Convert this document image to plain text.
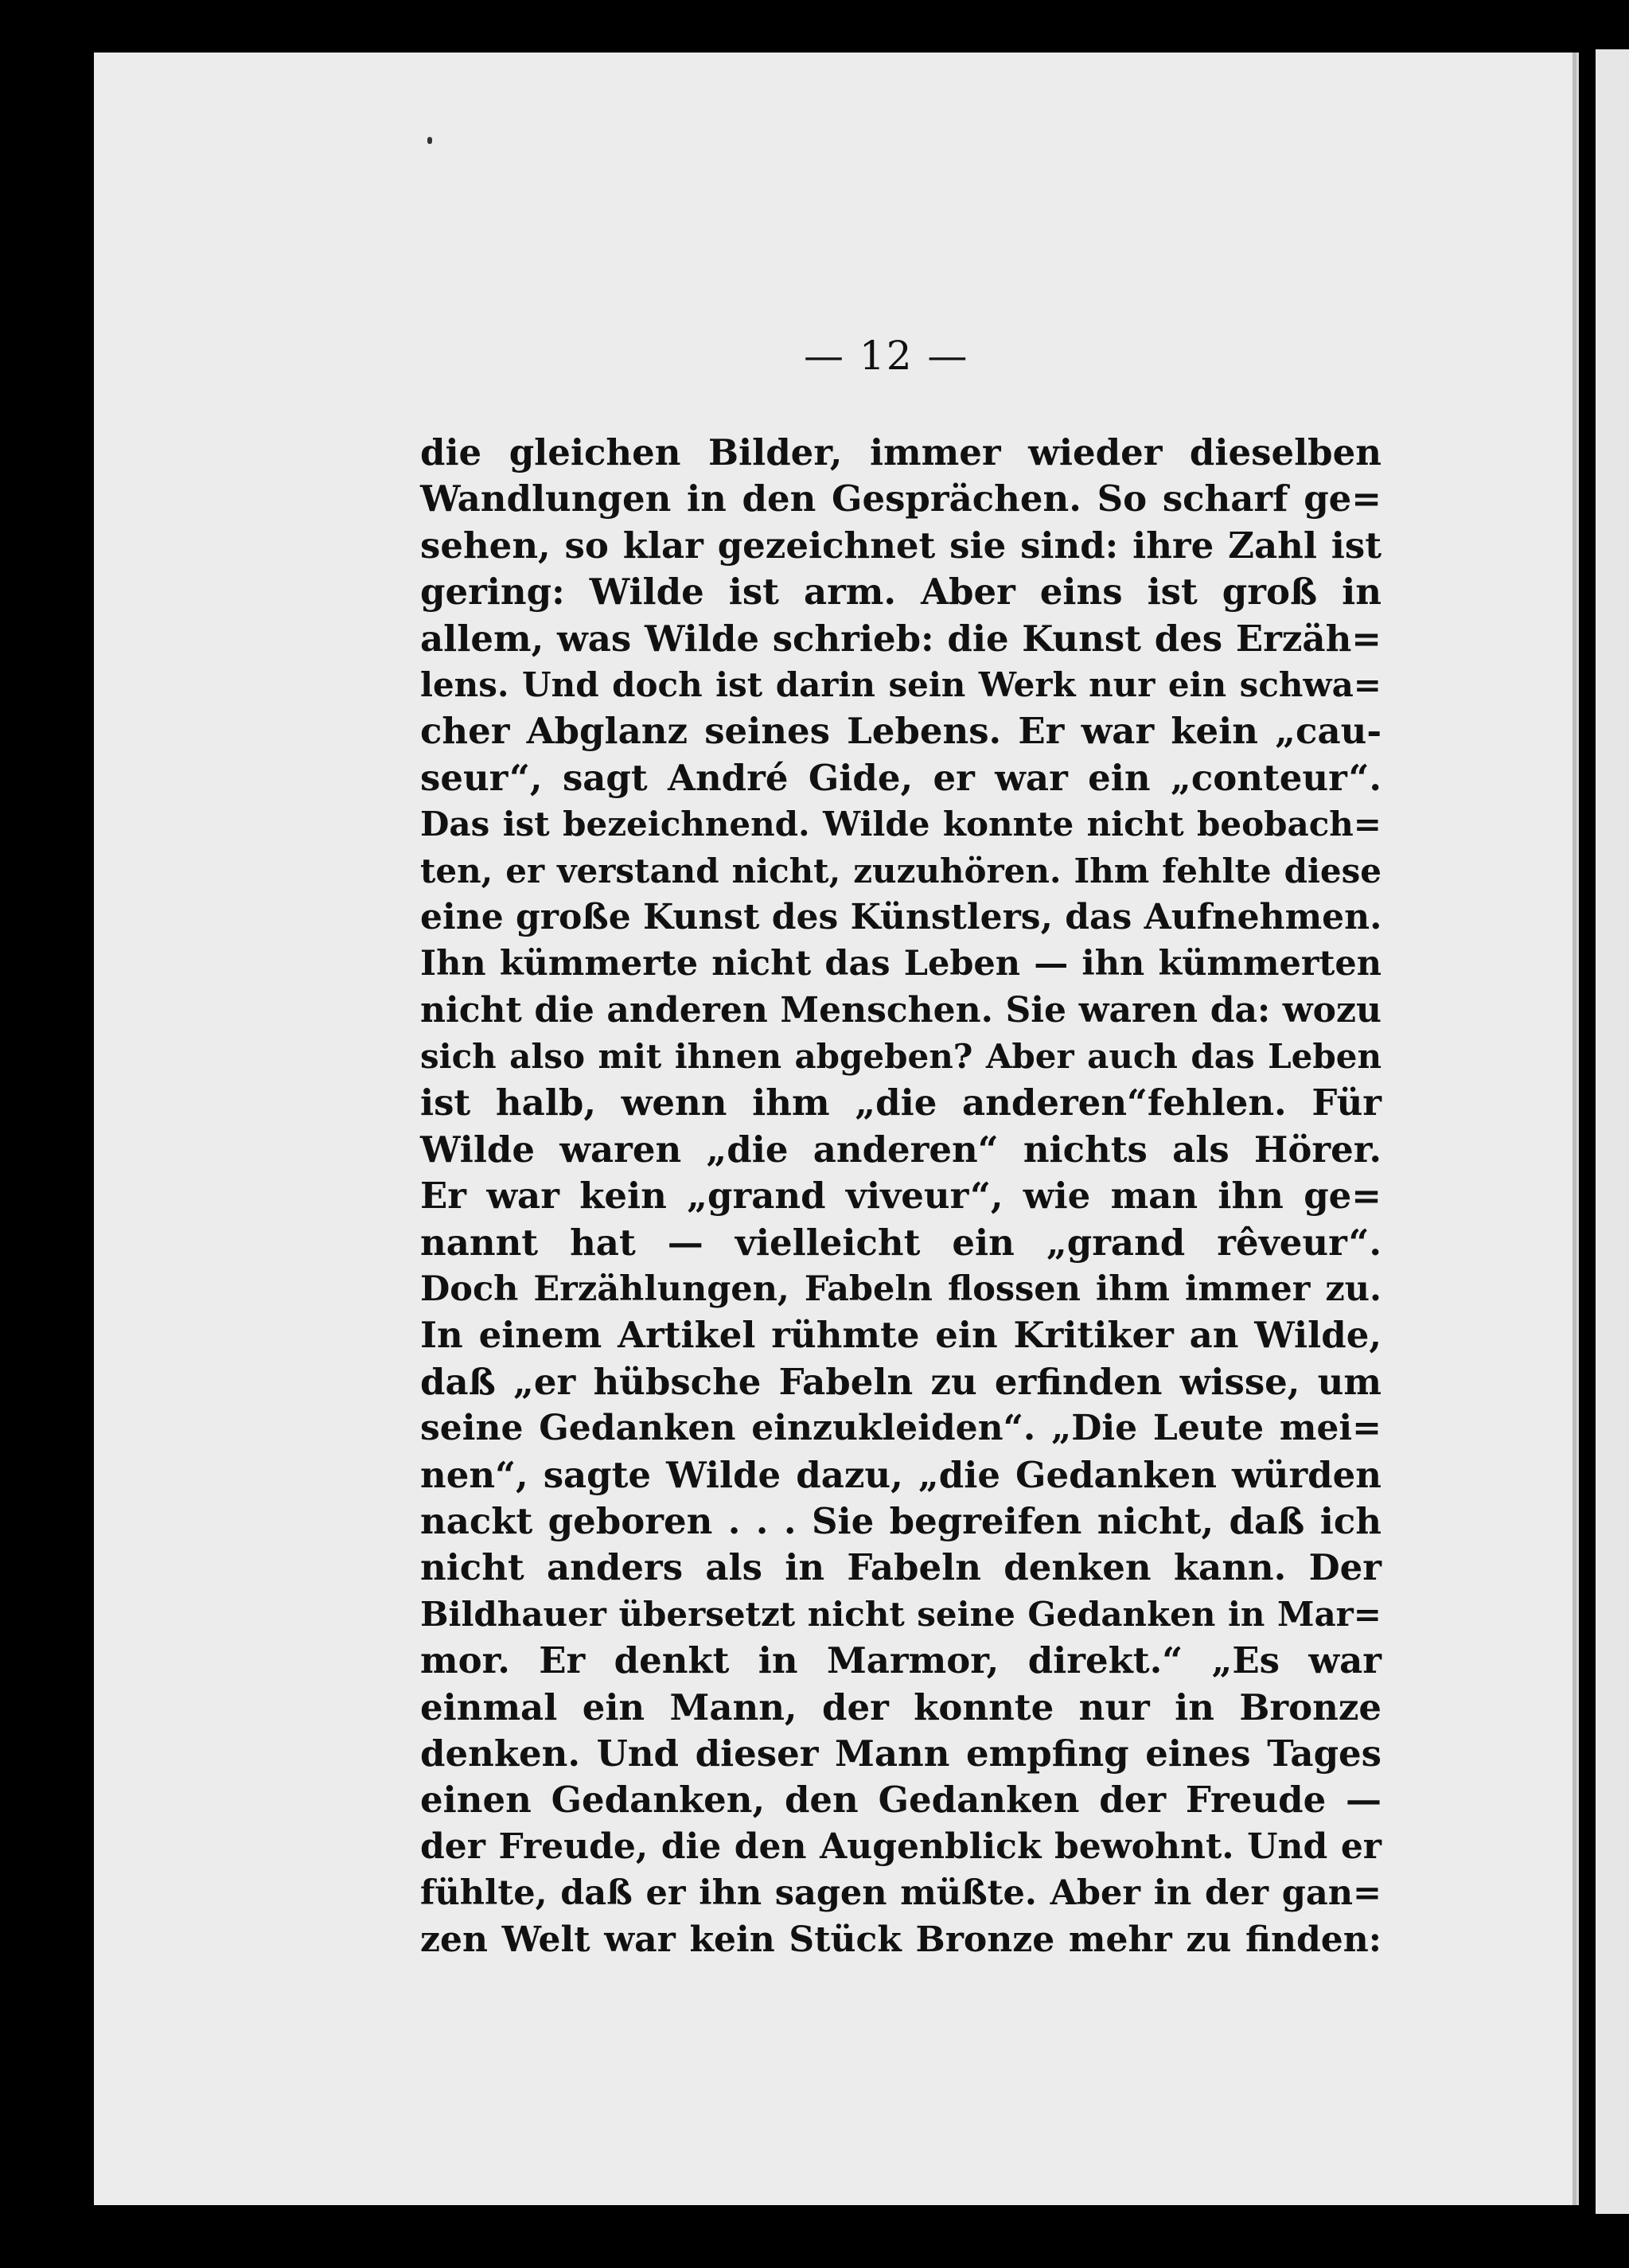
— 12 —
die gleichen Bilder, immer wieder dieselben
Wandlungen in den Gesprächen. So scharf ge=
sehen, so klar gezeichnet sie sind: ihre Zahl ist
gering: Wilde ist arm. Aber eins ist groß in
allem, was Wilde schrieb: die Kunst des Erzäh=
lens. Und doch ist darin sein Werk nur ein schwa=
cher Abglanz seines Lebens. Er war kein „cau-
seur“, sagt André Gide, er war ein „conteur“.
Das ist bezeichnend. Wilde konnte nicht beobach=
ten, er verstand nicht, zuzuhören. Ihm fehlte diese
eine große Kunst des Künstlers, das Aufnehmen.
Ihn kümmerte nicht das Leben — ihn kümmerten
nicht die anderen Menschen. Sie waren da: wozu
sich also mit ihnen abgeben? Aber auch das Leben
ist halb, wenn ihm „die anderen“fehlen. Für
Wilde waren „die anderen“ nichts als Hörer.
Er war kein „grand viveur“, wie man ihn ge=
nannt hat — vielleicht ein „grand rêveur“.
Doch Erzählungen, Fabeln flossen ihm immer zu.
In einem Artikel rühmte ein Kritiker an Wilde,
daß „er hübsche Fabeln zu erfinden wisse, um
seine Gedanken einzukleiden“. „Die Leute mei=
nen“, sagte Wilde dazu, „die Gedanken würden
nackt geboren . . . Sie begreifen nicht, daß ich
nicht anders als in Fabeln denken kann. Der
Bildhauer übersetzt nicht seine Gedanken in Mar=
mor. Er denkt in Marmor, direkt.“ „Es war
einmal ein Mann, der konnte nur in Bronze
denken. Und dieser Mann empfing eines Tages
einen Gedanken, den Gedanken der Freude —
der Freude, die den Augenblick bewohnt. Und er
fühlte, daß er ihn sagen müßte. Aber in der gan=
zen Welt war kein Stück Bronze mehr zu finden:
